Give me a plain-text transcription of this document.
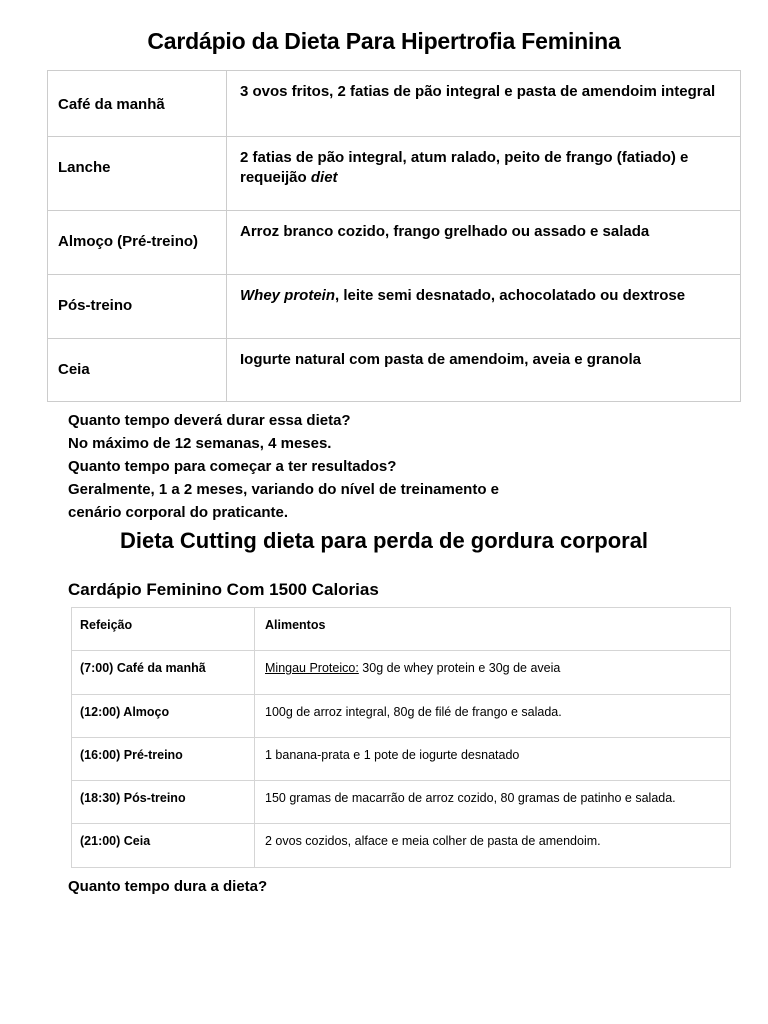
Cardápio da Dieta Para Hipertrofia Feminina
Café da manhã	3 ovos fritos, 2 fatias de pão integral e pasta de amendoim integral
Lanche	2 fatias de pão integral, atum ralado, peito de frango (fatiado) e requeijão diet
Almoço (Pré-treino)	Arroz branco cozido, frango grelhado ou assado e salada
Pós-treino	Whey protein, leite semi desnatado, achocolatado ou dextrose
Ceia	Iogurte natural com pasta de amendoim, aveia e granola
Quanto tempo deverá durar essa dieta?
No máximo de 12 semanas, 4 meses.
Quanto tempo para começar a ter resultados?
Geralmente, 1 a 2 meses, variando do nível de treinamento e
cenário corporal do praticante.
Dieta Cutting dieta para perda de gordura corporal
Cardápio Feminino Com 1500 Calorias
Refeição	Alimentos
(7:00) Café da manhã	Mingau Proteico: 30g de whey protein e 30g de aveia
(12:00) Almoço	100g de arroz integral, 80g de filé de frango e salada.
(16:00) Pré-treino	1 banana-prata e 1 pote de iogurte desnatado
(18:30) Pós-treino	150 gramas de macarrão de arroz cozido, 80 gramas de patinho e salada.
(21:00) Ceia	2 ovos cozidos, alface e meia colher de pasta de amendoim.

Quanto tempo dura a dieta?
